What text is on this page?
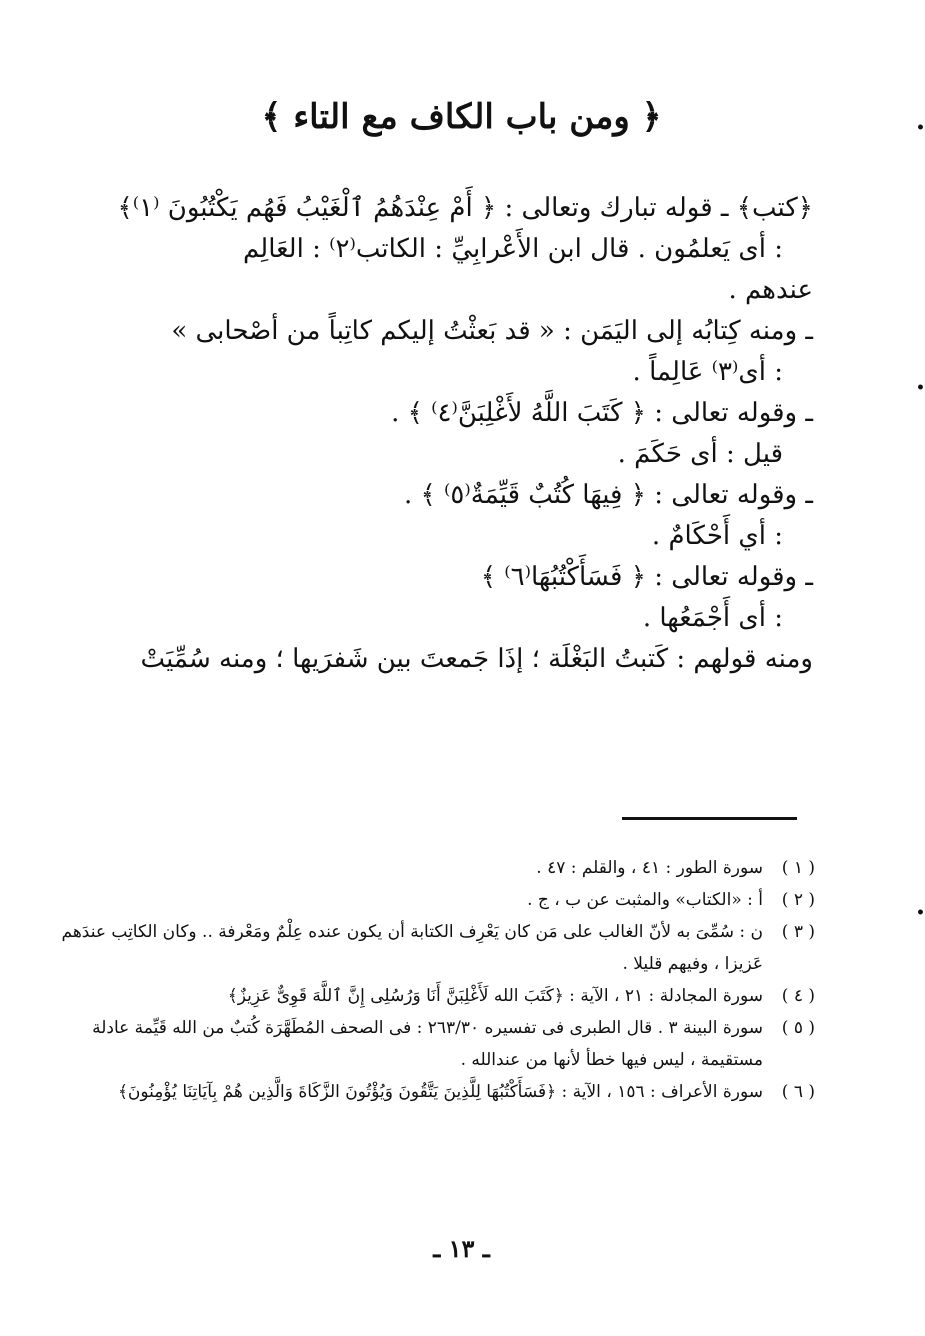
﴿ ومن باب الكاف مع التاء ﴾
﴿كتب﴾ ـ قوله تبارك وتعالى : ﴿ أَمْ عِنْدَهُمُ ٱلْغَيْبُ فَهُم يَكْتُبُونَ ⁽١⁾﴾
: أى يَعلمُون . قال ابن الأَعْرابِيِّ : الكاتب⁽٢⁾ : العَالِم
عندهم .
ـ ومنه كِتابُه إلى اليَمَن : « قد بَعثْتُ إليكم كاتِباً من أصْحابى »
: أى⁽٣⁾ عَالِماً .
ـ وقوله تعالى : ﴿ كَتَبَ اللَّهُ لأَغْلِبَنَّ⁽٤⁾ ﴾ .
قيل : أى حَكَمَ .
ـ وقوله تعالى : ﴿ فِيهَا كُتُبٌ قَيِّمَةٌ⁽٥⁾ ﴾ .
: أي أَحْكَامٌ .
ـ وقوله تعالى : ﴿ فَسَأَكْتُبُهَا⁽٦⁾ ﴾
: أى أَجْمَعُها .
ومنه قولهم : كَتبتُ البَغْلَة ؛ إذَا جَمعتَ بين شَفرَيها ؛ ومنه سُمِّيَتْ
( ١ )
سورة الطور : ٤١ ، والقلم : ٤٧ .
( ٢ )
أ : «الكتاب» والمثبت عن ب ، ج .
( ٣ )
ن : سُمِّىَ به لأنّ الغالب على مَن كان يَعْرِف الكتابة أن يكون عنده عِلْمٌ ومَعْرفة .. وكان الكاتِب عندَهم عَزيزا ، وفيهم قليلا .
( ٤ )
سورة المجادلة : ٢١ ، الآية : ﴿كَتَبَ الله لَأَغْلِبَنَّ أَنَا وَرُسُلِى إِنَّ ٱللَّهَ قَوِىٌّ عَزِيزٌ﴾
( ٥ )
سورة البينة ٣ . قال الطبرى فى تفسيره ٢٦٣/٣٠ : فى الصحف المُطَهَّرَة كُتبٌ من الله قَيِّمة عادلة مستقيمة ، ليس فيها خطأ لأنها من عندالله .
( ٦ )
سورة الأعراف : ١٥٦ ، الآية : ﴿فَسَأَكْتُبُهَا لِلَّذِينَ يَتَّقُونَ وَيُؤْتُونَ الزَّكَاةَ وَالَّذِين هُمْ بِآيَاتِنَا يُؤْمِنُونَ﴾
ـ ١٣ ـ
•
•
•
